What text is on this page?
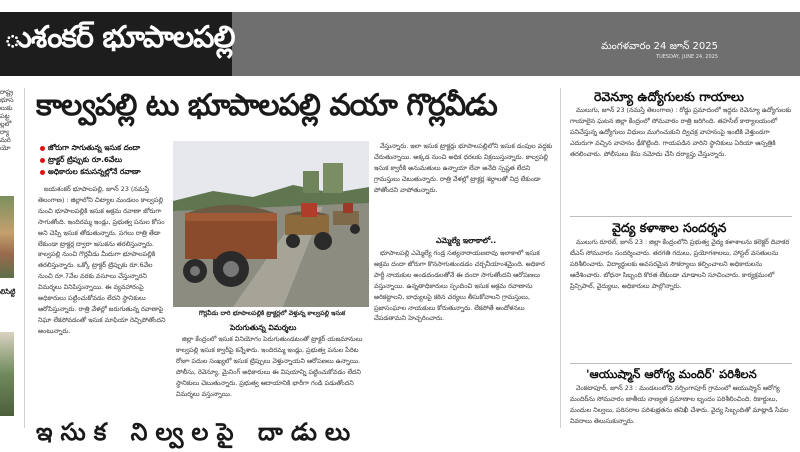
ుశంకర్ భూపాలపల్లి	మంగళవారం 24 జూన్ 2025
TUESDAY, JUNE 24, 2025
రాష్ట్ర
భూస
లుకు
పట్ట
ల్లలో
ర్యా
మరి
యో
లిసిట్టి
కాల్వపల్లి టు భూపాలపల్లి వయా గొర్లవీడు
జోరుగా సాగుతున్న ఇసుక దందా
ట్రాక్టర్ ట్రిప్పుకు రూ.6వేలు
అధికారుల కనుసన్నల్లోనే రవాణా

జయశంకర్ భూపాలపల్లి, జూన్ 23 (నమస్తే తెలంగాణ) : జిల్లాలోని చిట్యాల మండలం కాల్వపల్లి నుంచి భూపాలపల్లికి ఇసుక అక్రమ రవాణా జోరుగా సాగుతోంది. ఇందిరమ్మ ఇండ్లు, ప్రభుత్వ పనుల కోసం అని చెప్పి ఇసుక తోడుతున్నారు. పగలు రాత్రి తేడా లేకుండా ట్రాక్టర్ల ద్వారా ఇసుకను తరలిస్తున్నారు. కాల్వపల్లి నుంచి గొర్లవీడు మీదుగా భూపాలపల్లికి తరలిస్తున్నారు. ఒక్కో ట్రాక్టర్ ట్రిప్పుకు రూ.6వేల నుంచి రూ.7వేల వరకు వసూలు చేస్తున్నారని విమర్శలు వినిపిస్తున్నాయి. ఈ వ్యవహారంపై అధికారులు పట్టించుకోవడం లేదని స్థానికులు ఆరోపిస్తున్నారు. రాత్రి వేళల్లో జరుగుతున్న రవాణాపై నిఘా లేకపోవడంతో ఇసుక మాఫియా రెచ్చిపోతోందని అంటున్నారు.

గొర్లవీడు దారి భూపాలపల్లికి ట్రాక్టర్లలో వెళ్తున్న కాల్వపల్లి ఇసుక
పెరుగుతున్న విమర్శలు

జిల్లా కేంద్రంలో ఇసుక వినియోగం పెరుగుతుండటంతో ట్రాక్టర్ యజమానులు కాల్వపల్లి ఇసుక క్వారీపై కన్నేశారు. ఇందిరమ్మ ఇండ్లు, ప్రభుత్వ పనుల పేరిట రోజూ పదుల సంఖ్యలో ఇసుక ట్రిప్పులు వెళ్తున్నాయని ఆరోపణలు ఉన్నాయి. పోలీసు, రెవెన్యూ, మైనింగ్ అధికారులు ఈ విషయాన్ని పట్టించుకోవడం లేదని స్థానికులు చెబుతున్నారు. ప్రభుత్వ ఆదాయానికి భారీగా గండి పడుతోందని విమర్శలు వస్తున్నాయి.

వేస్తున్నారు. ఇలా ఇసుక ట్రాక్టర్లు భూపాలపల్లిలోని ఇసుక డంపుల వద్దకు చేరుతున్నాయి. అక్కడ నుంచి అధిక ధరలకు విక్రయిస్తున్నారు. కాల్వపల్లి ఇసుక క్వారీకి అనుమతులు ఉన్నాయా లేవా అనేది స్పష్టత లేదని గ్రామస్తులు చెబుతున్నారు. రాత్రి వేళల్లో ట్రాక్టర్ల శబ్దాలతో నిద్ర లేకుండా పోతోందని వాపోతున్నారు.

ఎమ్మెల్యే ఇలాకాలో..

భూపాలపల్లి ఎమ్మెల్యే గండ్ర సత్యనారాయణరావు ఇలాకాలో ఇసుక అక్రమ దందా జోరుగా కొనసాగుతుండడం చర్చనీయాంశమైంది. అధికార పార్టీ నాయకుల అండదండలతోనే ఈ దందా సాగుతోందని ఆరోపణలు వస్తున్నాయి. ఉన్నతాధికారులు స్పందించి ఇసుక అక్రమ రవాణాను అరికట్టాలని, బాధ్యులపై కఠిన చర్యలు తీసుకోవాలని గ్రామస్తులు, ప్రజాసంఘాల నాయకులు కోరుతున్నారు. లేకపోతే ఆందోళనలు చేపడతామని హెచ్చరించారు.

రెవెన్యూ ఉద్యోగులకు గాయాలు

ములుగు, జూన్ 23 (నమస్తే తెలంగాణ) : రోడ్డు ప్రమాదంలో ఇద్దరు రెవెన్యూ ఉద్యోగులకు గాయాలైన ఘటన జిల్లా కేంద్రంలో సోమవారం రాత్రి జరిగింది. తహసీల్ కార్యాలయంలో పనిచేస్తున్న ఉద్యోగులు విధులు ముగించుకుని ద్విచక్ర వాహనంపై ఇంటికి వెళ్తుండగా ఎదురుగా వచ్చిన వాహనం ఢీకొట్టింది. గాయపడిన వారిని స్థానికులు ఏరియా ఆస్పత్రికి తరలించారు. పోలీసులు కేసు నమోదు చేసి దర్యాప్తు చేస్తున్నారు.

వైద్య కళాశాల సందర్శన

ములుగు రూరల్, జూన్ 23 : జిల్లా కేంద్రంలోని ప్రభుత్వ వైద్య కళాశాలను కలెక్టర్ దివాకర టీఎస్ సోమవారం సందర్శించారు. తరగతి గదులు, ప్రయోగశాలలు, హాస్టల్ వసతులను పరిశీలించారు. విద్యార్థులకు అవసరమైన సౌకర్యాలు కల్పించాలని అధికారులను ఆదేశించారు. బోధనా సిబ్బంది కొరత లేకుండా చూడాలని సూచించారు. కార్యక్రమంలో ప్రిన్సిపాల్, వైద్యులు, అధికారులు పాల్గొన్నారు.

'ఆయుష్మాన్ ఆరోగ్య మందిర్' పరిశీలన

వెంకటాపూర్, జూన్ 23 : మండలంలోని నర్సింగాపూర్ గ్రామంలో ఆయుష్మాన్ ఆరోగ్య మందిర్‌ను సోమవారం జాతీయ నాణ్యత ప్రమాణాల బృందం పరిశీలించింది. రికార్డులు, మందుల నిల్వలు, పరిసరాల పరిశుభ్రతను తనిఖీ చేశారు. వైద్య సిబ్బందితో మాట్లాడి సేవల వివరాలు తెలుసుకున్నారు.

ఇసుక నిల్వలపై దాడులు
